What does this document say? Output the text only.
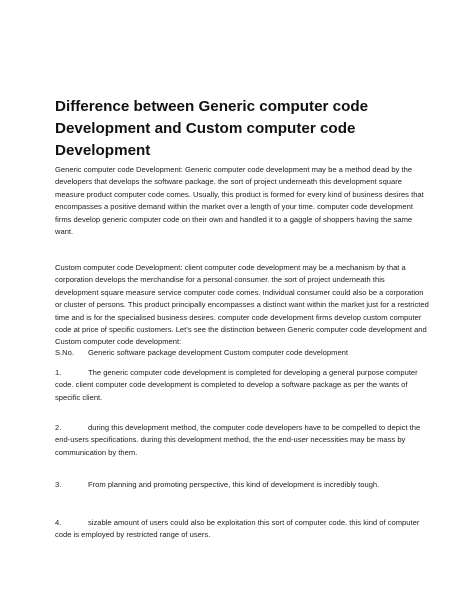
Difference between Generic computer code Development and Custom computer code Development

Generic computer code Development: Generic computer code development may be a method dead by the developers that develops the software package. the sort of project underneath this development square measure product computer code comes. Usually, this product is formed for every kind of business desires that encompasses a positive demand within the market over a length of your time. computer code development firms develop generic computer code on their own and handled it to a gaggle of shoppers having the same want.

Custom computer code Development: client computer code development may be a mechanism by that a corporation develops the merchandise for a personal consumer. the sort of project underneath this development square measure service computer code comes. Individual consumer could also be a corporation or cluster of persons. This product principally encompasses a distinct want within the market just for a restricted time and is for the specialised business desires. computer code development firms develop custom computer code at price of specific customers. Let’s see the distinction between Generic computer code development and Custom computer code development:

S.No. Generic software package development Custom computer code development
1.	The generic computer code development is completed for developing a general purpose computer code. client computer code development is completed to develop a software package as per the wants of specific client.
2.	during this development method, the computer code developers have to be compelled to depict the end-users specifications. during this development method, the the end-user necessities may be mass by communication by them.
3.	From planning and promoting perspective, this kind of development is incredibly tough.
4.	sizable amount of users could also be exploitation this sort of computer code. this kind of computer code is employed by restricted range of users.
